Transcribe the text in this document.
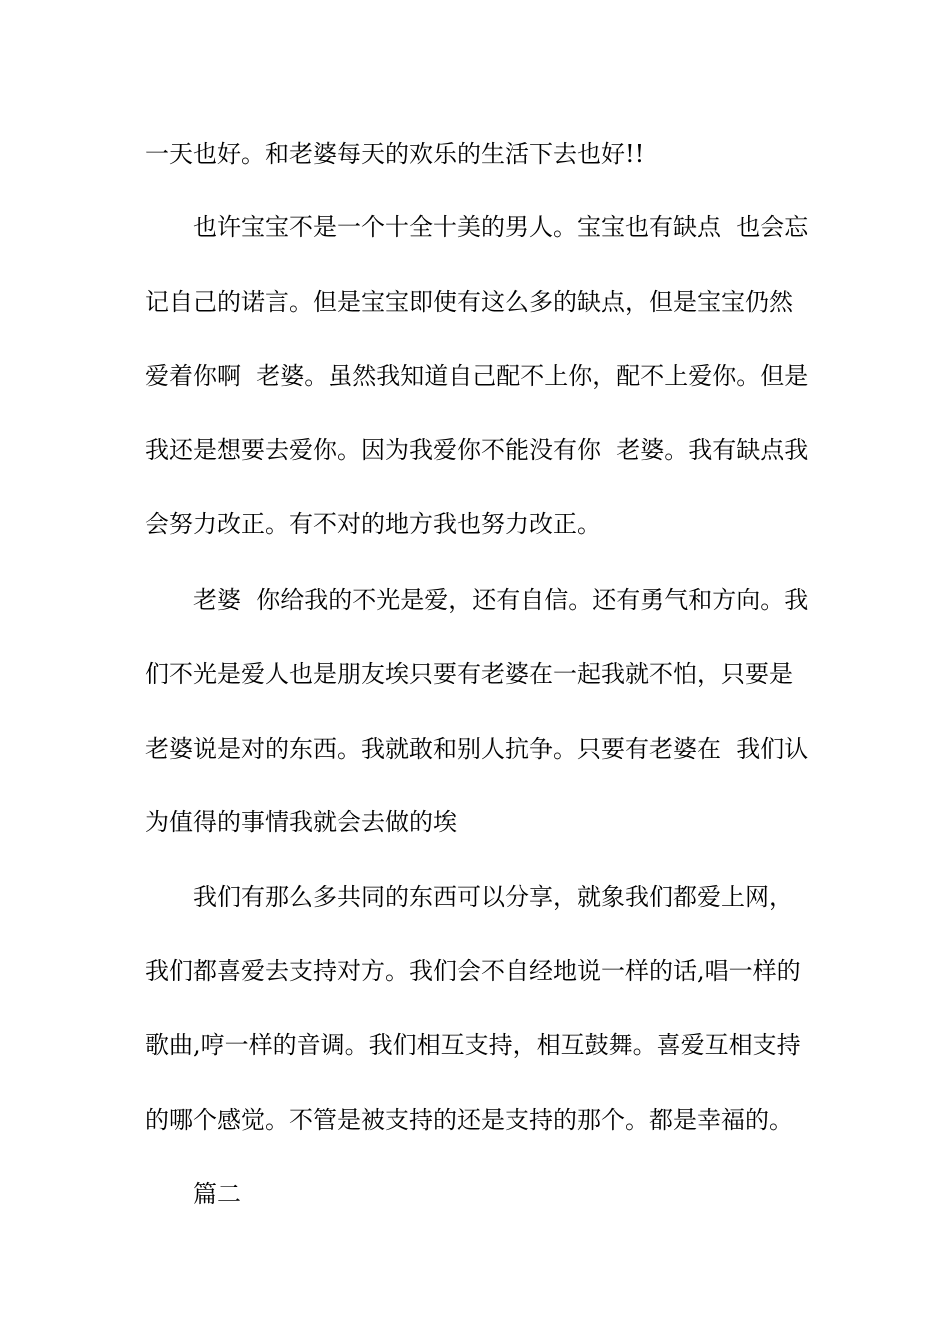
一天也好。和老婆每天的欢乐的生活下去也好!!
也许宝宝不是一个十全十美的男人。宝宝也有缺点  也会忘
记自己的诺言。但是宝宝即使有这么多的缺点，但是宝宝仍然
爱着你啊  老婆。虽然我知道自己配不上你，配不上爱你。但是
我还是想要去爱你。因为我爱你不能没有你  老婆。我有缺点我
会努力改正。有不对的地方我也努力改正。
老婆  你给我的不光是爱，还有自信。还有勇气和方向。我
们不光是爱人也是朋友埃只要有老婆在一起我就不怕，只要是
老婆说是对的东西。我就敢和别人抗争。只要有老婆在  我们认
为值得的事情我就会去做的埃
我们有那么多共同的东西可以分享，就象我们都爱上网，
我们都喜爱去支持对方。我们会不自经地说一样的话,唱一样的
歌曲,哼一样的音调。我们相互支持，相互鼓舞。喜爱互相支持
的哪个感觉。不管是被支持的还是支持的那个。都是幸福的。
篇二
